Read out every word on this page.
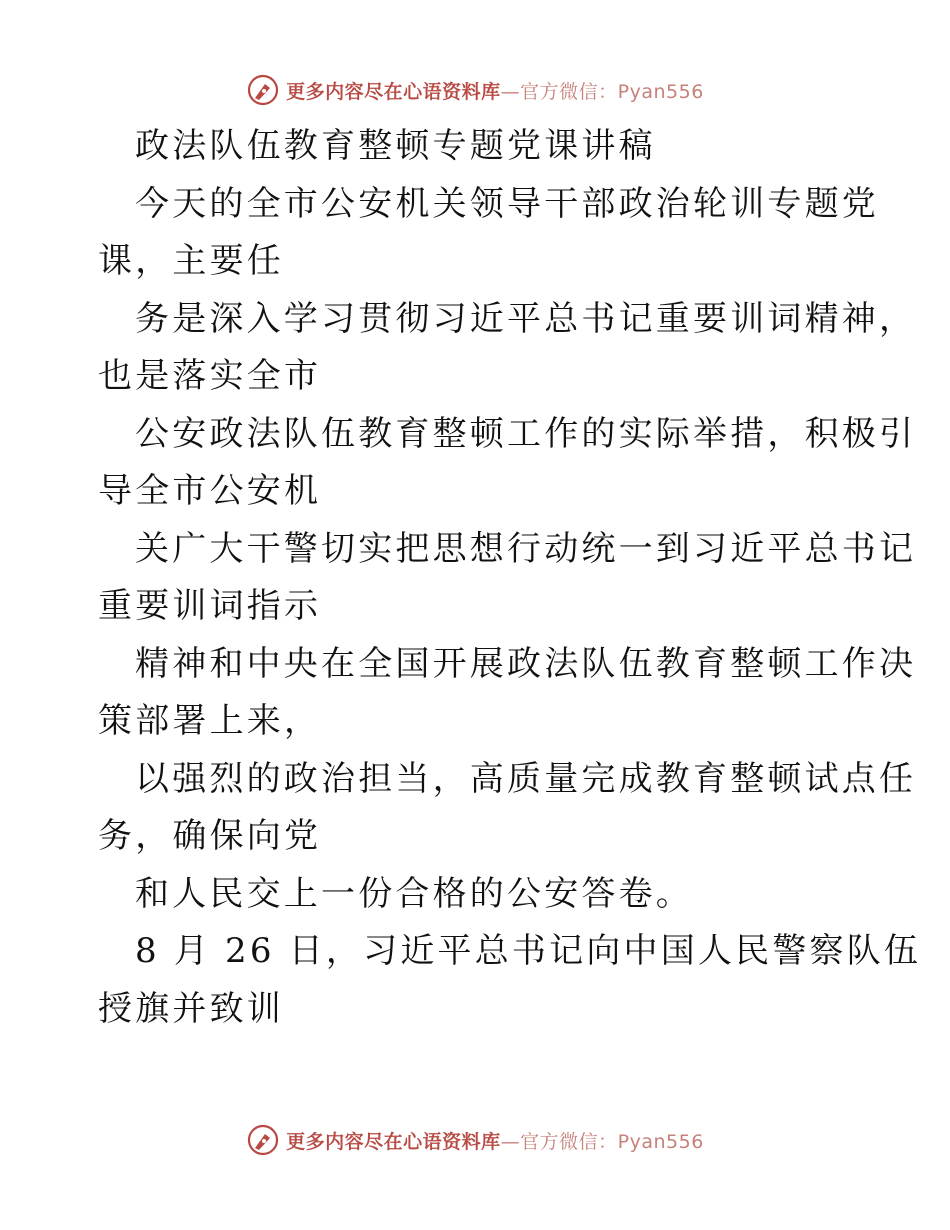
更多内容尽在心语资料库—官方微信：Pyan556
政法队伍教育整顿专题党课讲稿
今天的全市公安机关领导干部政治轮训专题党
课，主要任
务是深入学习贯彻习近平总书记重要训词精神，
也是落实全市
公安政法队伍教育整顿工作的实际举措，积极引
导全市公安机
关广大干警切实把思想行动统一到习近平总书记
重要训词指示
精神和中央在全国开展政法队伍教育整顿工作决
策部署上来，
以强烈的政治担当，高质量完成教育整顿试点任
务，确保向党
和人民交上一份合格的公安答卷。
8 月 26 日，习近平总书记向中国人民警察队伍
授旗并致训
更多内容尽在心语资料库—官方微信：Pyan556
